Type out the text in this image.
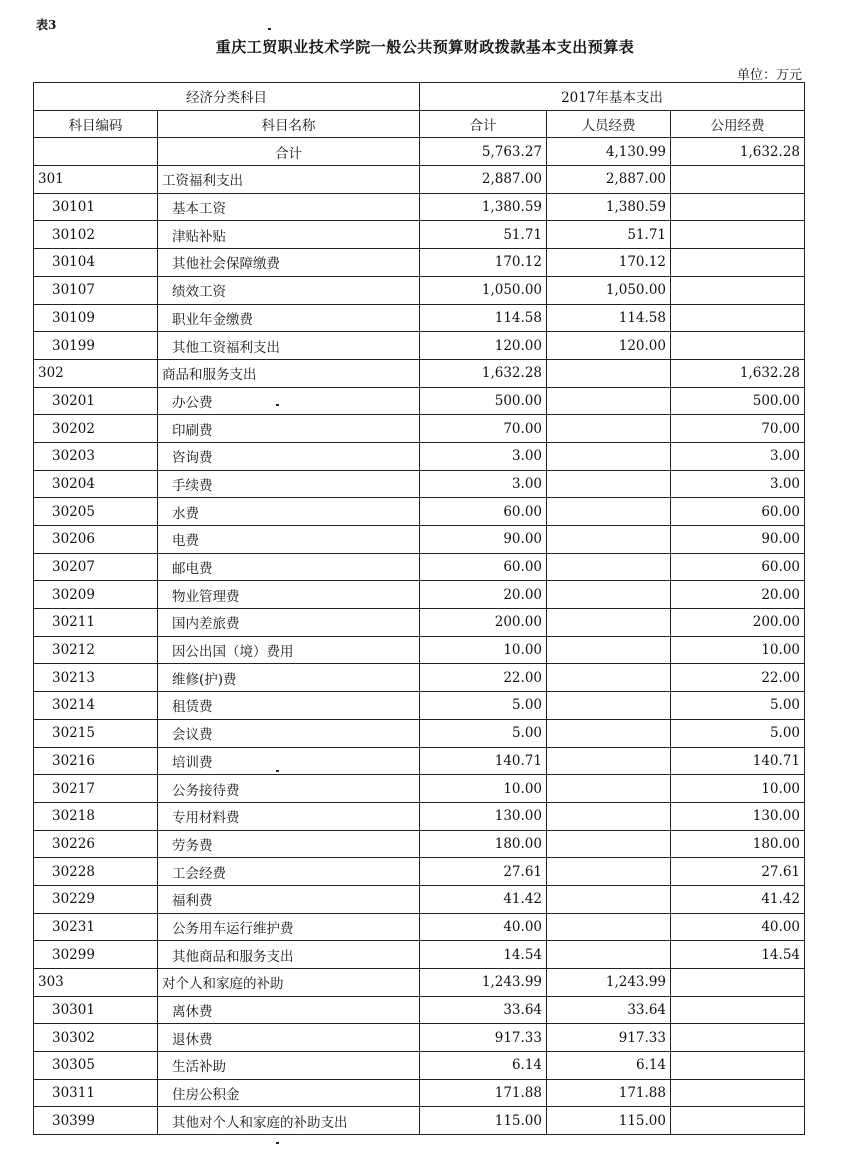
表3
重庆工贸职业技术学院一般公共预算财政拨款基本支出预算表
单位：万元
经济分类科目		2017年基本支出		
科目编码	科目名称	合计	人员经费	公用经费
	合计	5,763.27	4,130.99	1,632.28
301	工资福利支出	2,887.00	2,887.00	
30101	基本工资	1,380.59	1,380.59	
30102	津贴补贴	51.71	51.71	
30104	其他社会保障缴费	170.12	170.12	
30107	绩效工资	1,050.00	1,050.00	
30109	职业年金缴费	114.58	114.58	
30199	其他工资福利支出	120.00	120.00	
302	商品和服务支出	1,632.28		1,632.28
30201	办公费	500.00		500.00
30202	印刷费	70.00		70.00
30203	咨询费	3.00		3.00
30204	手续费	3.00		3.00
30205	水费	60.00		60.00
30206	电费	90.00		90.00
30207	邮电费	60.00		60.00
30209	物业管理费	20.00		20.00
30211	国内差旅费	200.00		200.00
30212	因公出国（境）费用	10.00		10.00
30213	维修(护)费	22.00		22.00
30214	租赁费	5.00		5.00
30215	会议费	5.00		5.00
30216	培训费	140.71		140.71
30217	公务接待费	10.00		10.00
30218	专用材料费	130.00		130.00
30226	劳务费	180.00		180.00
30228	工会经费	27.61		27.61
30229	福利费	41.42		41.42
30231	公务用车运行维护费	40.00		40.00
30299	其他商品和服务支出	14.54		14.54
303	对个人和家庭的补助	1,243.99	1,243.99	
30301	离休费	33.64	33.64	
30302	退休费	917.33	917.33	
30305	生活补助	6.14	6.14	
30311	住房公积金	171.88	171.88	
30399	其他对个人和家庭的补助支出	115.00	115.00	
